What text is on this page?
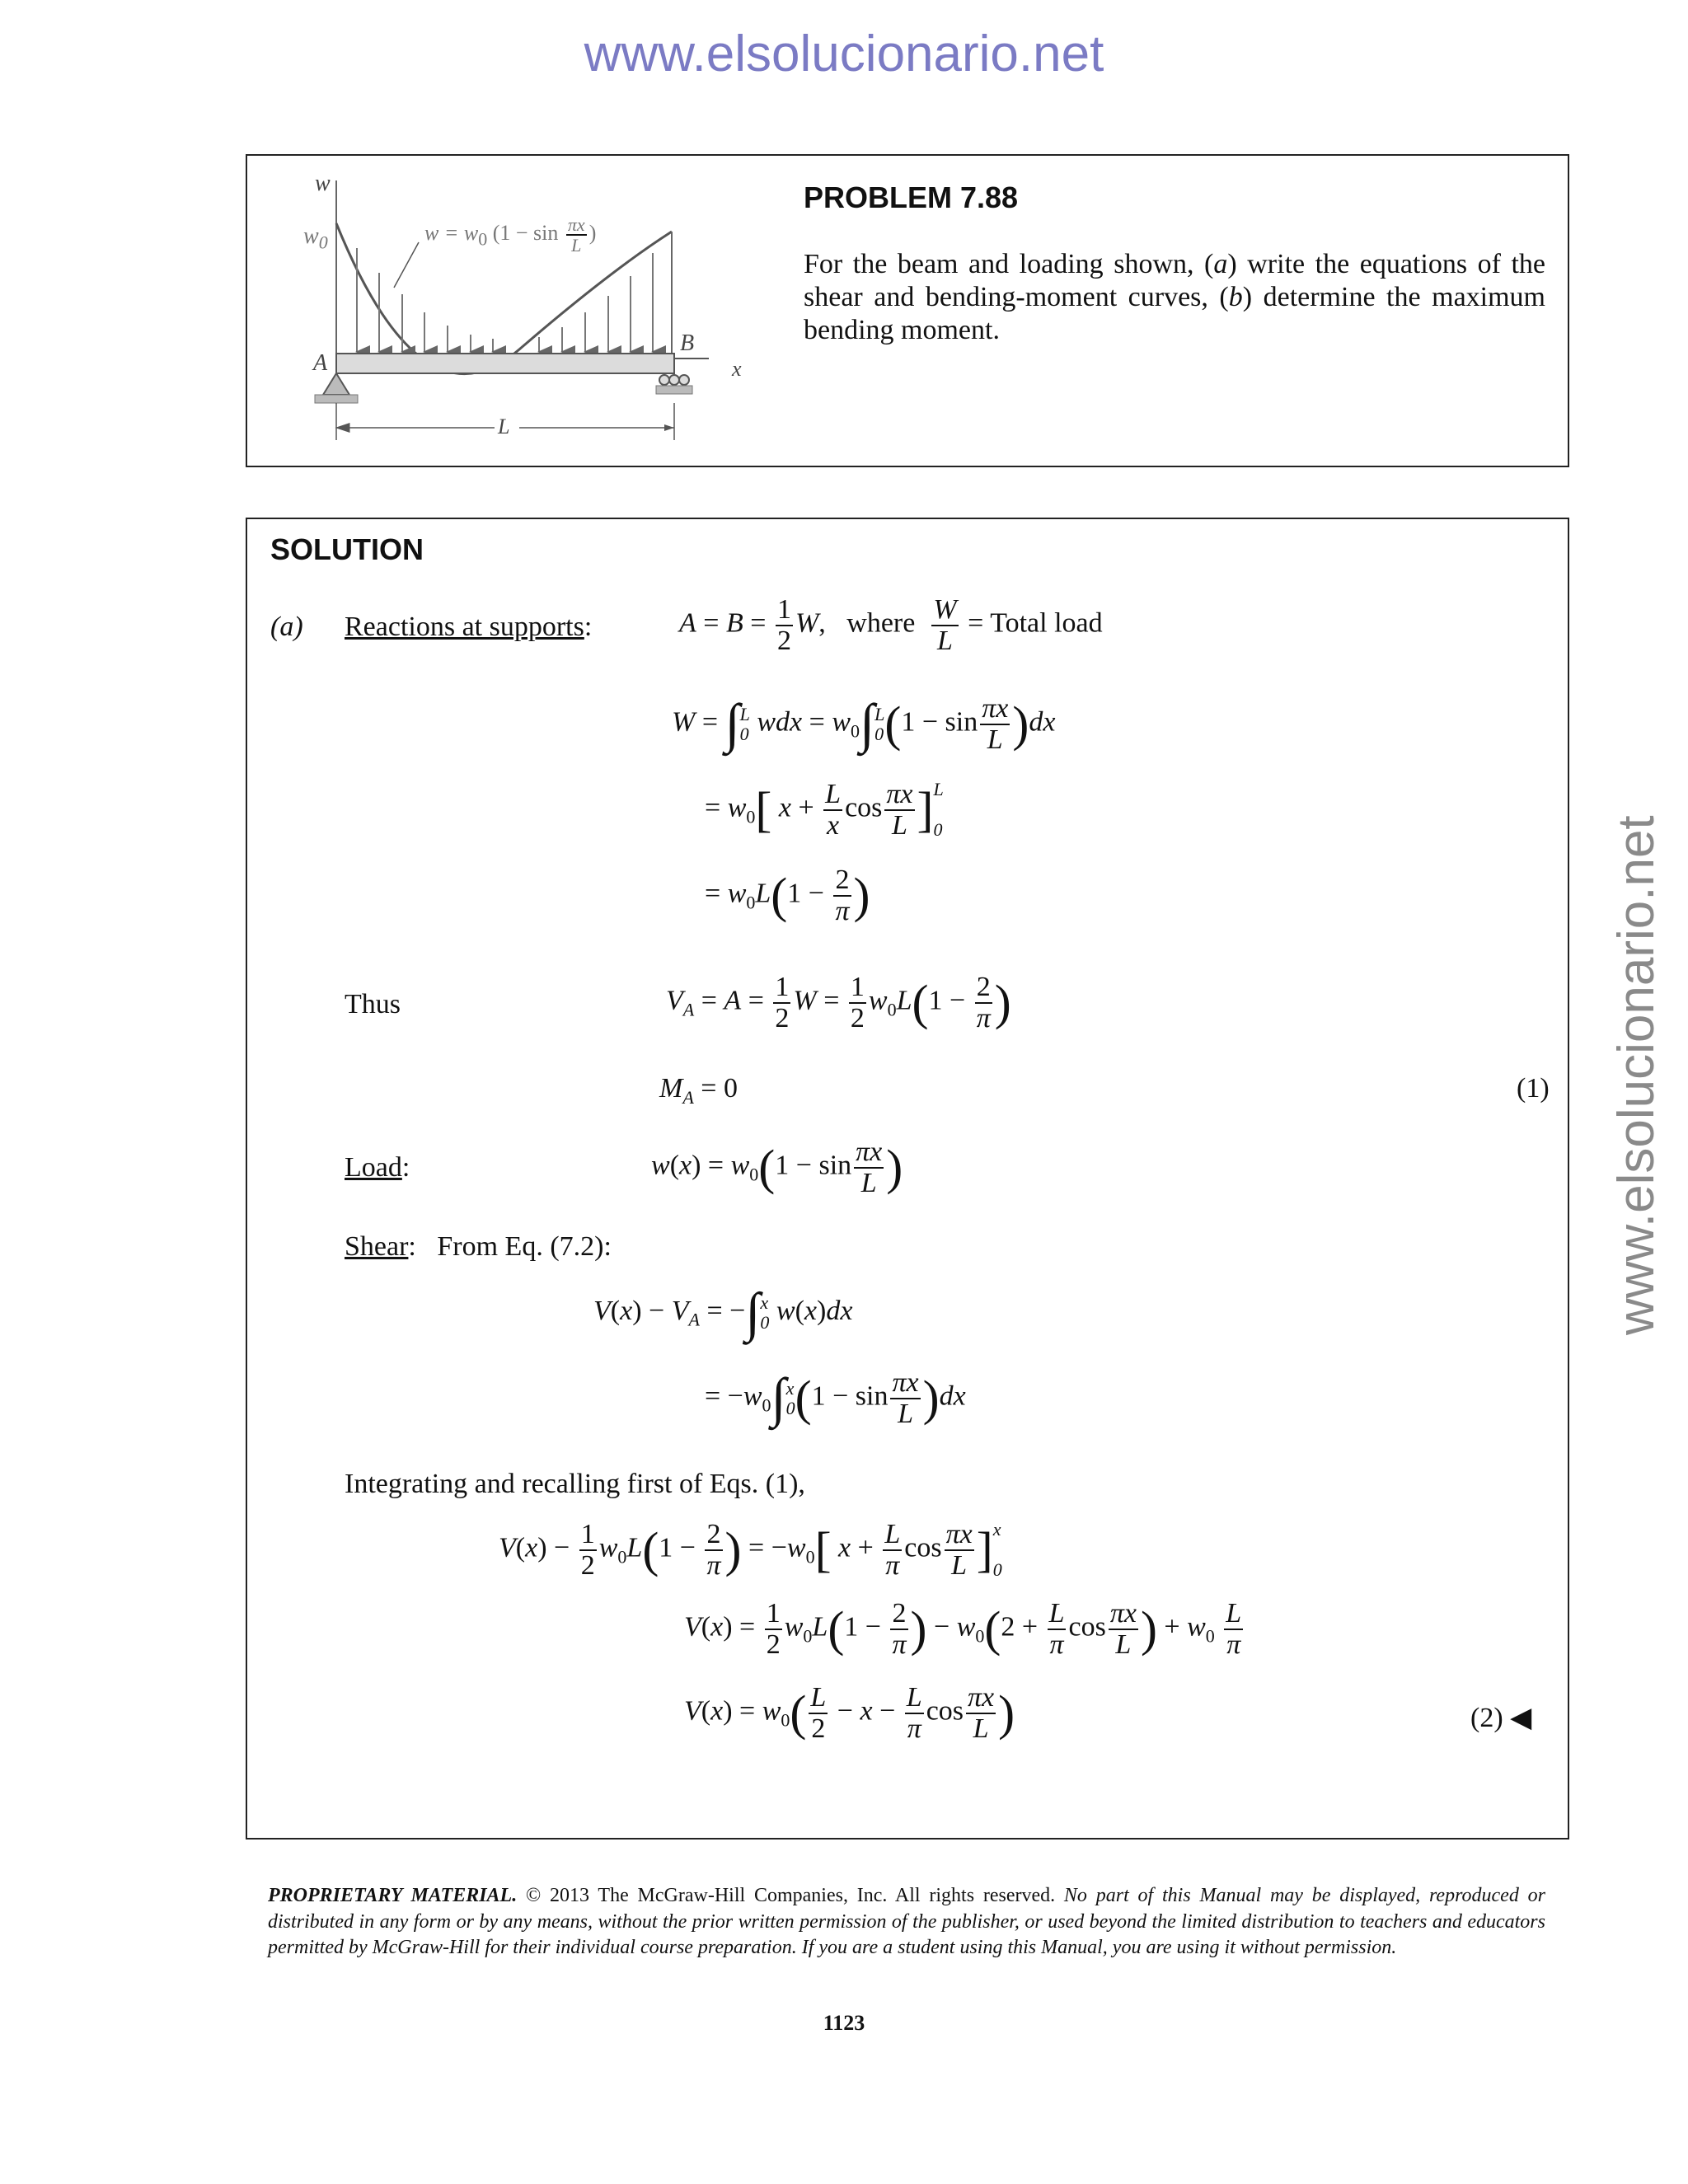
www.elsolucionario.net
www.elsolucionario.net
w
$w_0$	$w = w_0$ ($1 - \sin \frac{\pi x}{L}$ )
A
B
x
L
PROBLEM 7.88
For the beam and loading shown, (a) write the equations of the shear and bending-moment curves, (b) determine the maximum bending moment.
SOLUTION
(a) Reactions at supports:	$A = B = \frac{1}{2} W$,   where $\frac{W}{L}$ = Total load
W = ∫L
0 wdx = $w_0\int L$
$0(1 - \sin \frac{\pi x}{L} )dx$
= $w_0$[ $x + \frac{L}{x}$ $\cos \frac{\pi x}{L} ]L$

0
= $w_0L(1 - \frac{2}{\pi}$ )
Thus	$V_A = A = \frac{1}{2}$ $W = \frac{1}{2} w_0L(1 - \frac{2}{\pi}$ )
$M_A = 0$	(1)
Load:	$w(x) = w_0(1 - \sin \frac{\pi x}{L}$ )
Shear: From Eq. (7.2):
$V(x) - V_A = -\int x$
0 w(x)dx
= $-w_0\int x$
$0(1 - \sin \frac{\pi x}{L} )dx$
Integrating and recalling first of Eqs. (1),
$V(x) - \frac{1}{2} w_0L(1 - \frac{2}{\pi}$ ) = $-w_0$[ $x + \frac{L}{\pi}$ $\cos \frac{\pi x}{L} ]x$

0
$V(x) = \frac{1}{2} w_0L(1 - \frac{2}{\pi}$ ) − $w_0(2 + \frac{L}{\pi}$ $\cos \frac{\pi x}{L}$ ) + $w_0 \frac{L}{\pi}$
$V(x) = w_0( \frac{L}{2} - x - \frac{L}{\pi}$ $\cos \frac{\pi x}{L}$ )	(2) ◀
PROPRIETARY MATERIAL. © 2013 The McGraw-Hill Companies, Inc. All rights reserved. No part of this Manual may be displayed, reproduced or distributed in any form or by any means, without the prior written permission of the publisher, or used beyond the limited distribution to teachers and educators permitted by McGraw-Hill for their individual course preparation. If you are a student using this Manual, you are using it without permission.
1123
